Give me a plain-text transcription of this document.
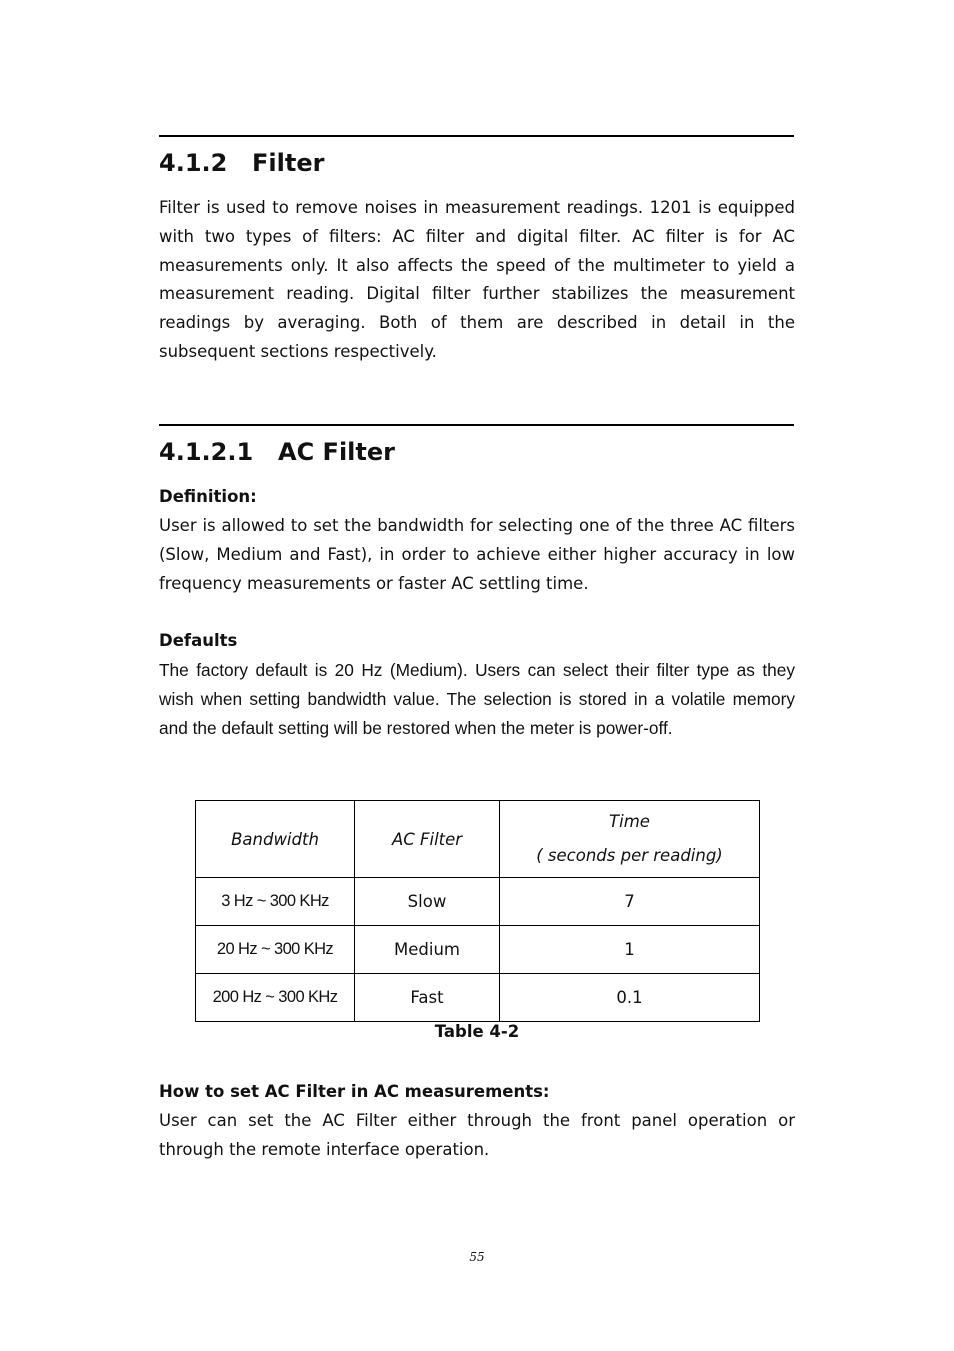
4.1.2 Filter

Filter is used to remove noises in measurement readings. 1201 is equipped with two types of filters: AC filter and digital filter. AC filter is for AC measurements only. It also affects the speed of the multimeter to yield a measurement reading. Digital filter further stabilizes the measurement readings by averaging. Both of them are described in detail in the subsequent sections respectively.

4.1.2.1 AC Filter

Definition:

User is allowed to set the bandwidth for selecting one of the three AC filters (Slow, Medium and Fast), in order to achieve either higher accuracy in low frequency measurements or faster AC settling time.

Defaults

The factory default is 20 Hz (Medium). Users can select their filter type as they wish when setting bandwidth value. The selection is stored in a volatile memory and the default setting will be restored when the meter is power-off.

Bandwidth	AC Filter	Time
( seconds per reading)

3 Hz ~ 300 KHz	Slow	7
20 Hz ~ 300 KHz	Medium	1
200 Hz ~ 300 KHz	Fast	0.1

Table 4-2

How to set AC Filter in AC measurements:

User can set the AC Filter either through the front panel operation or through the remote interface operation.

55
